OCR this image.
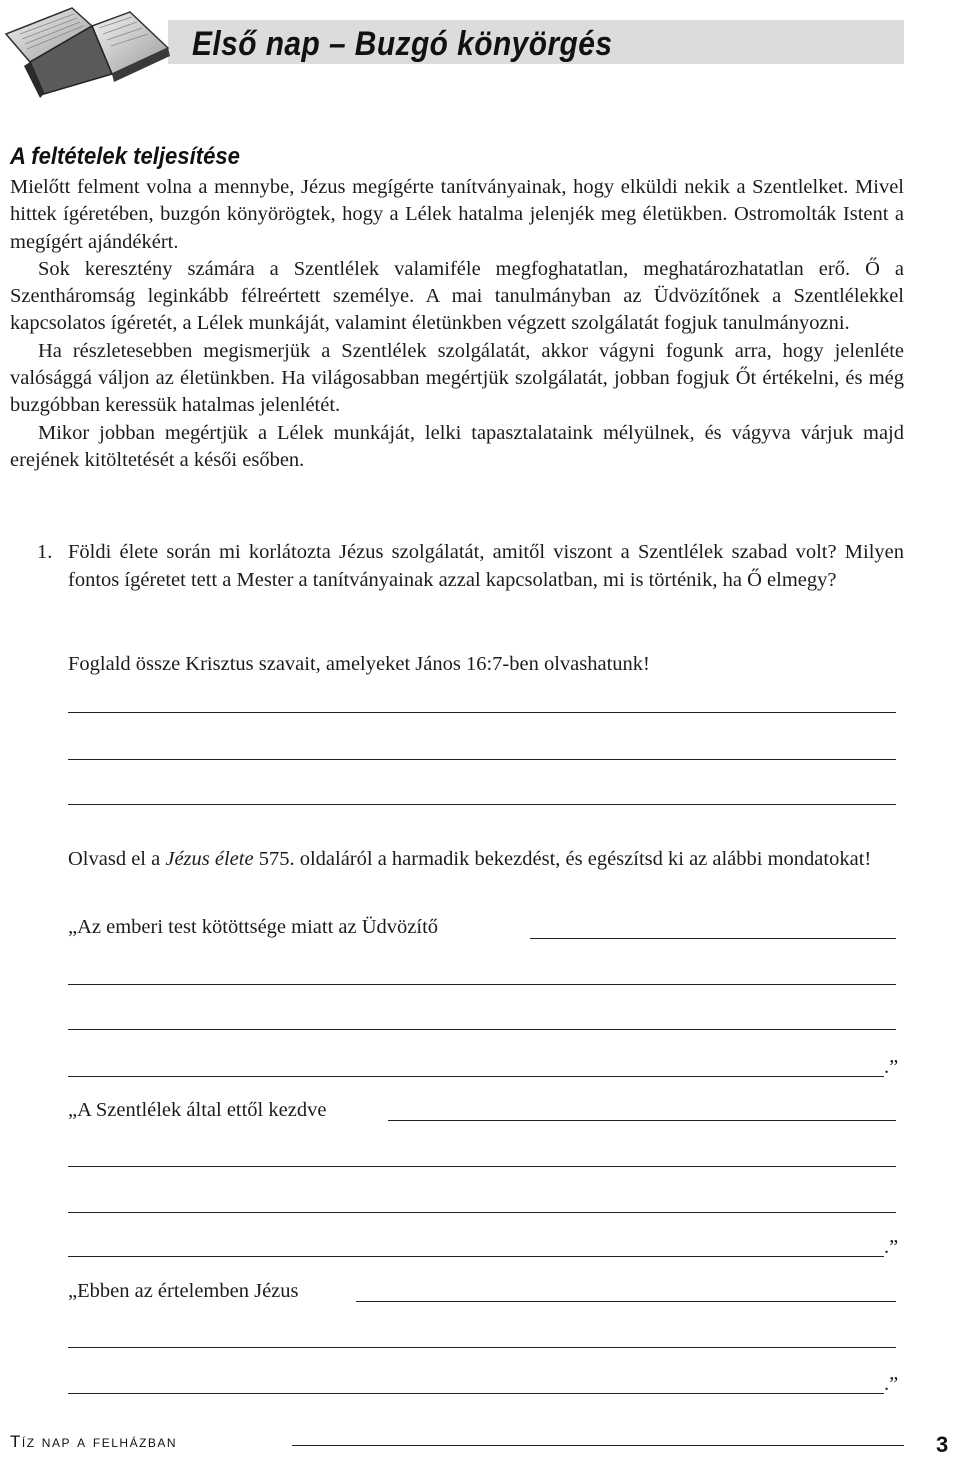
Első nap – Buzgó könyörgés
A feltételek teljesítése

Mielőtt felment volna a mennybe, Jézus megígérte tanítványainak, hogy elküldi nekik a Szentlelket. Mivel hittek ígéretében, buzgón könyörögtek, hogy a Lélek hatalma jelenjék meg életükben. Ostromolták Istent a megígért ajándékért.

Sok keresztény számára a Szentlélek valamiféle megfoghatatlan, meghatározhatatlan erő. Ő a Szentháromság leginkább félreértett személye. A mai tanulmányban az Üdvözítőnek a Szentlélekkel kapcsolatos ígéretét, a Lélek munkáját, valamint életünkben végzett szolgálatát fogjuk tanulmányozni.

Ha részletesebben megismerjük a Szentlélek szolgálatát, akkor vágyni fogunk arra, hogy jelenléte valósággá váljon az életünkben. Ha világosabban megértjük szolgálatát, jobban fogjuk Őt értékelni, és még buzgóbban keressük hatalmas jelenlétét.

Mikor jobban megértjük a Lélek munkáját, lelki tapasztalataink mélyülnek, és vágyva várjuk majd erejének kitöltetését a késői esőben.

1. Földi élete során mi korlátozta Jézus szolgálatát, amitől viszont a Szentlélek szabad volt? Milyen fontos ígéretet tett a Mester a tanítványainak azzal kapcsolatban, mi is történik, ha Ő elmegy?
Foglald össze Krisztus szavait, amelyeket János 16:7-ben olvashatunk!
Olvasd el a Jézus élete 575. oldaláról a harmadik bekezdést, és egészítsd ki az alábbi mondatokat!
„Az emberi test kötöttsége miatt az Üdvözítő
.”
„A Szentlélek által ettől kezdve
.”
„Ebben az értelemben Jézus
.”
Tíz nap a felházban	3
